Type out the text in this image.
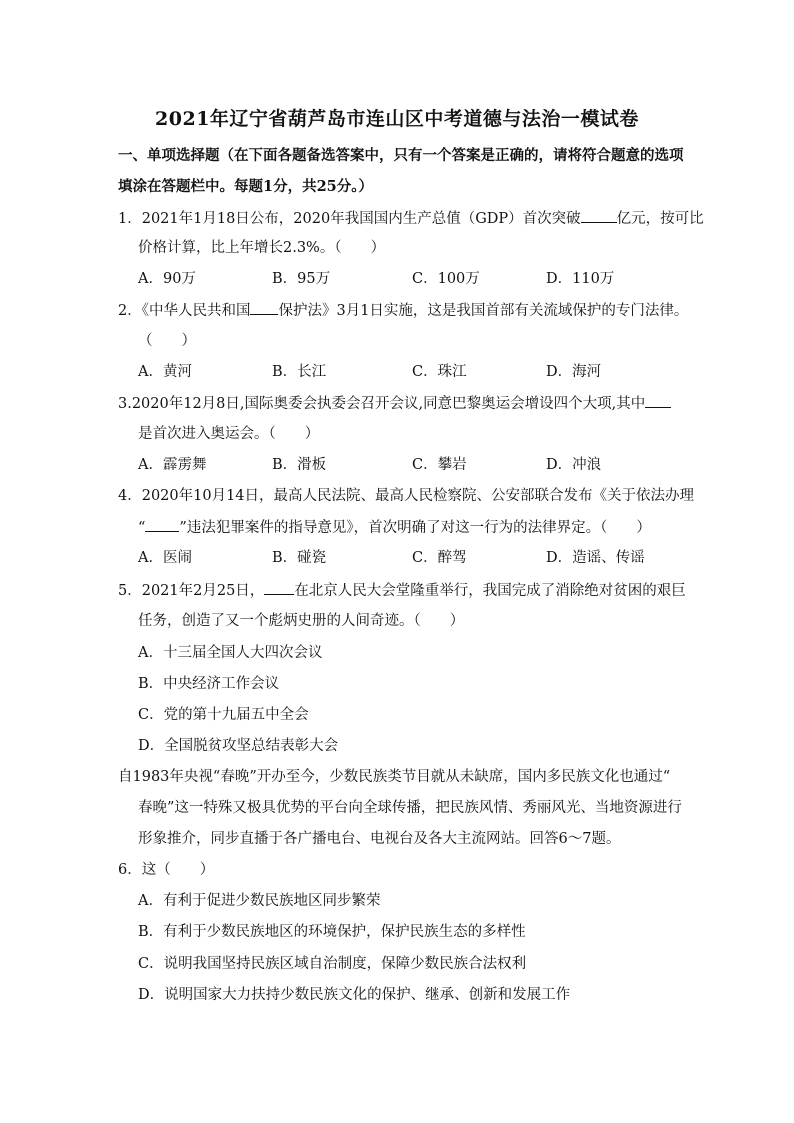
2021年辽宁省葫芦岛市连山区中考道德与法治一模试卷
一、单项选择题（在下面各题备选答案中，只有一个答案是正确的，请将符合题意的选项
填涂在答题栏中。每题1分，共25分。）
1．2021年1月18日公布，2020年我国国内生产总值（GDP）首次突破 亿元，按可比
价格计算，比上年增长2.3%。（　　）
A．90万	B．95万	C．100万	D．110万
2．《中华人民共和国 保护法》3月1日实施，这是我国首部有关流域保护的专门法律。
（　　）
A．黄河	B．长江	C．珠江	D．海河
3.2020年12月8日,国际奥委会执委会召开会议,同意巴黎奥运会增设四个大项,其中
是首次进入奥运会。（　　）
A．霹雳舞	B．滑板	C．攀岩	D．冲浪
4．2020年10月14日，最高人民法院、最高人民检察院、公安部联合发布《关于依法办理
“ ”违法犯罪案件的指导意见》，首次明确了对这一行为的法律界定。（　　）
A．医闹	B．碰瓷	C．醉驾	D．造谣、传谣
5．2021年2月25日， 在北京人民大会堂隆重举行，我国完成了消除绝对贫困的艰巨
任务，创造了又一个彪炳史册的人间奇迹。（　　）
A．十三届全国人大四次会议
B．中央经济工作会议
C．党的第十九届五中全会
D．全国脱贫攻坚总结表彰大会
自1983年央视“春晚”开办至今，少数民族类节目就从未缺席，国内多民族文化也通过“
春晚”这一特殊又极具优势的平台向全球传播，把民族风情、秀丽风光、当地资源进行
形象推介，同步直播于各广播电台、电视台及各大主流网站。回答6～7题。
6．这（　　）
A．有利于促进少数民族地区同步繁荣
B．有利于少数民族地区的环境保护，保护民族生态的多样性
C．说明我国坚持民族区域自治制度，保障少数民族合法权利
D．说明国家大力扶持少数民族文化的保护、继承、创新和发展工作
